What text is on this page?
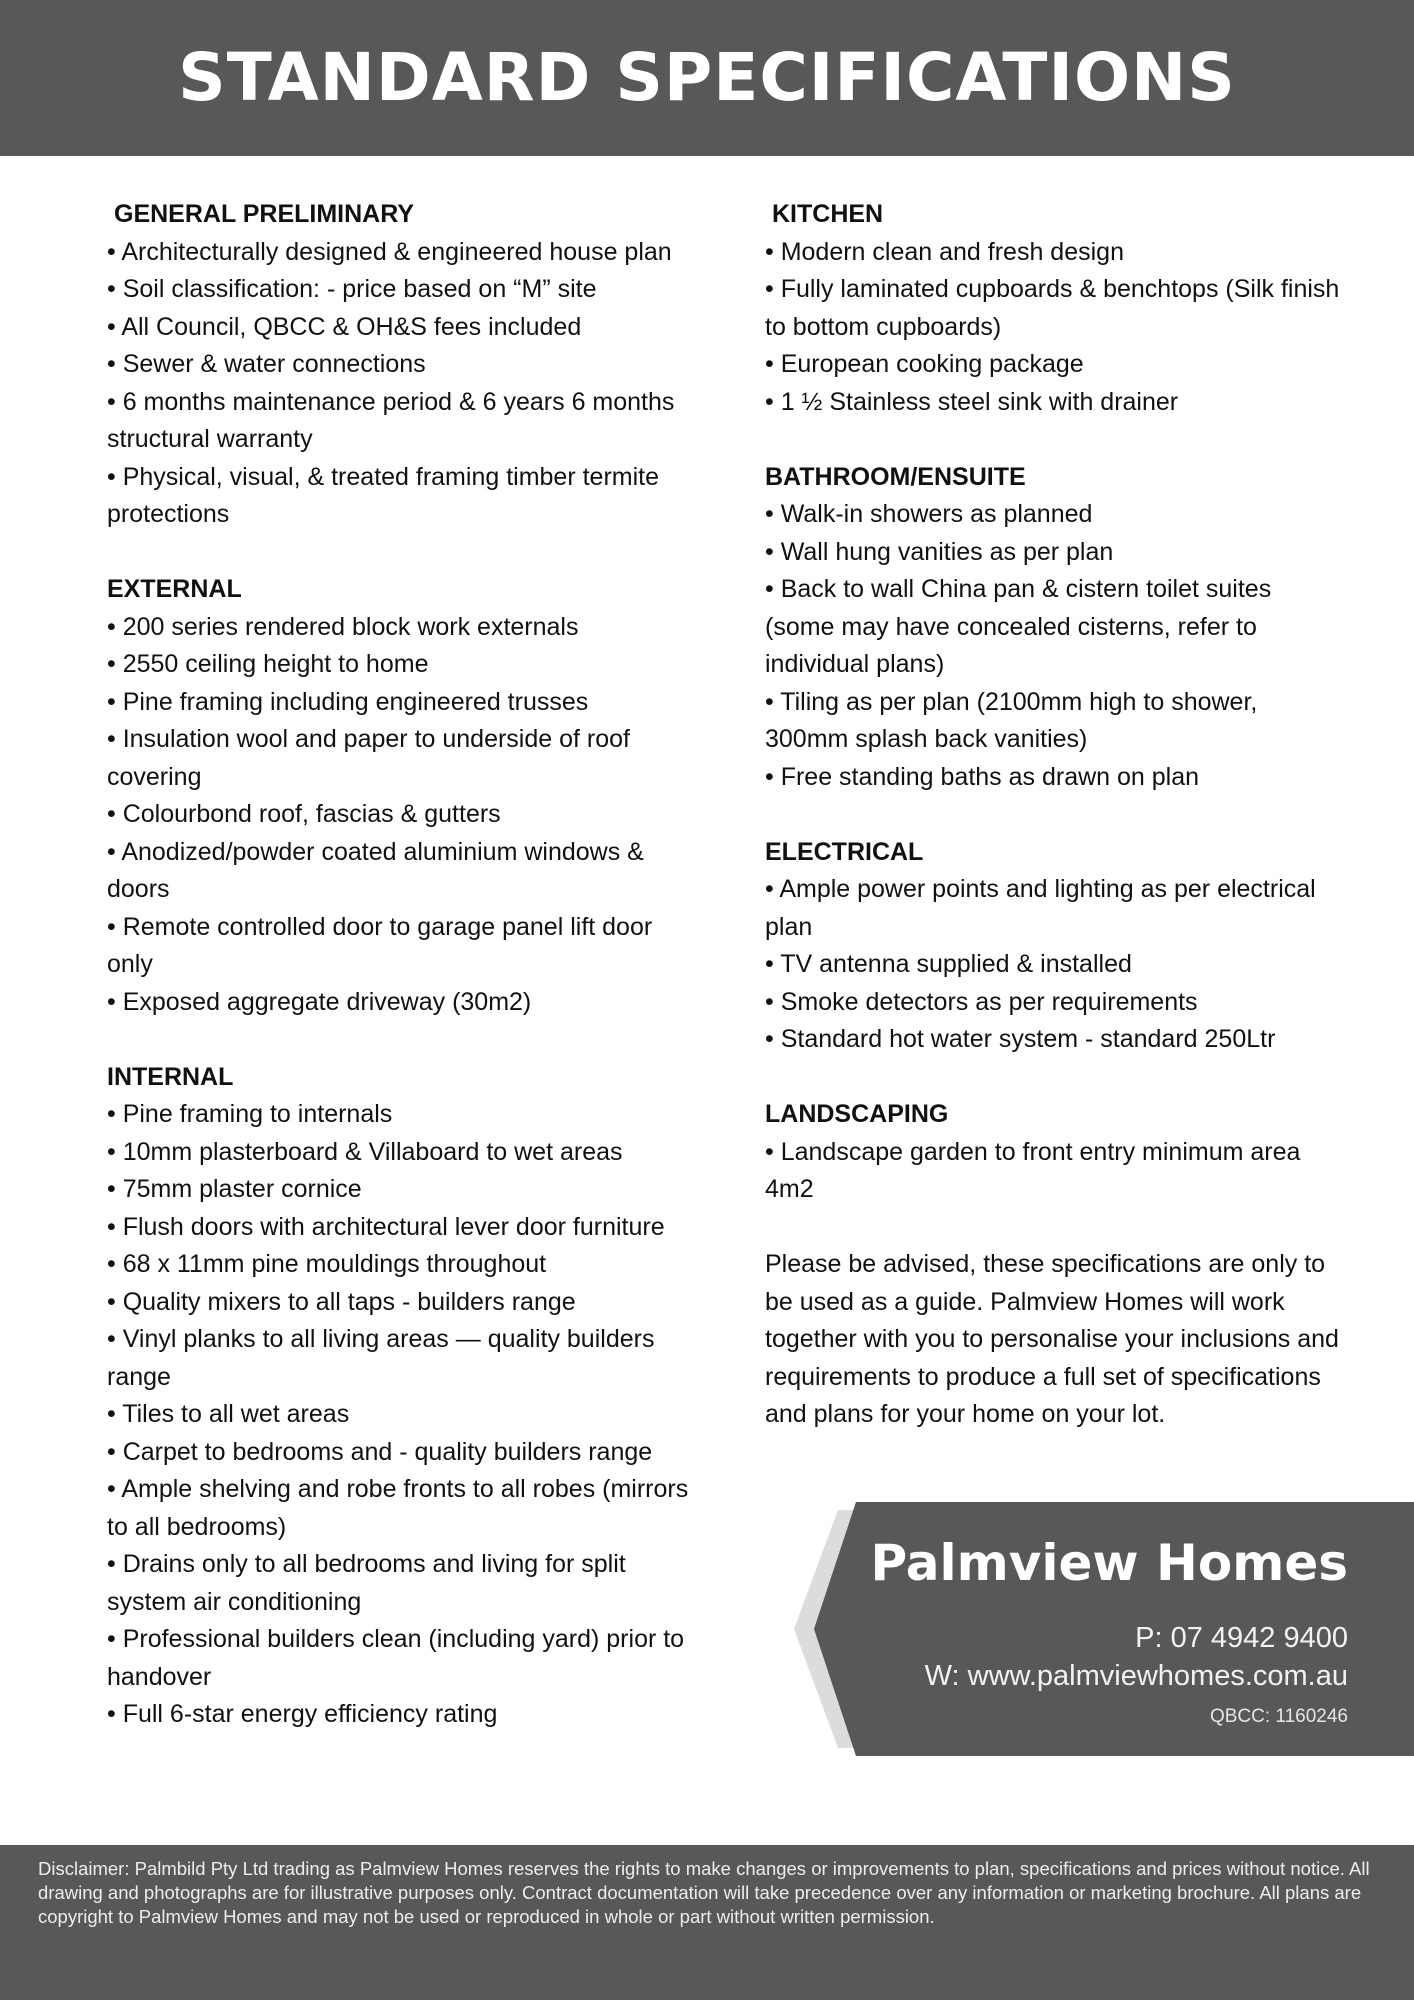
STANDARD SPECIFICATIONS
GENERAL PRELIMINARY
• Architecturally designed & engineered house plan
• Soil classification: - price based on “M” site
• All Council, QBCC & OH&S fees included
• Sewer & water connections
• 6 months maintenance period & 6 years 6 months structural warranty
• Physical, visual, & treated framing timber termite protections
EXTERNAL
• 200 series rendered block work externals
• 2550 ceiling height to home
• Pine framing including engineered trusses
• Insulation wool and paper to underside of roof covering
• Colourbond roof, fascias & gutters
• Anodized/powder coated aluminium windows & doors
• Remote controlled door to garage panel lift door only
• Exposed aggregate driveway (30m2)
INTERNAL
• Pine framing to internals
• 10mm plasterboard & Villaboard to wet areas
• 75mm plaster cornice
• Flush doors with architectural lever door furniture
• 68 x 11mm pine mouldings throughout
• Quality mixers to all taps - builders range
• Vinyl planks to all living areas — quality builders range
• Tiles to all wet areas
• Carpet to bedrooms and - quality builders range
• Ample shelving and robe fronts to all robes (mirrors to all bedrooms)
• Drains only to all bedrooms and living for split system air conditioning
• Professional builders clean (including yard) prior to handover
• Full 6-star energy efficiency rating
KITCHEN
• Modern clean and fresh design
• Fully laminated cupboards & benchtops (Silk finish to bottom cupboards)
• European cooking package
• 1 ½ Stainless steel sink with drainer
BATHROOM/ENSUITE
• Walk-in showers as planned
• Wall hung vanities as per plan
• Back to wall China pan & cistern toilet suites (some may have concealed cisterns, refer to individual plans)
• Tiling as per plan (2100mm high to shower, 300mm splash back vanities)
• Free standing baths as drawn on plan
ELECTRICAL
• Ample power points and lighting as per electrical plan
• TV antenna supplied & installed
• Smoke detectors as per requirements
• Standard hot water system - standard 250Ltr
LANDSCAPING
• Landscape garden to front entry minimum area 4m2
Please be advised, these specifications are only to be used as a guide. Palmview Homes will work together with you to personalise your inclusions and requirements to produce a full set of specifications and plans for your home on your lot.
Palmview Homes
P: 07 4942 9400
W: www.palmviewhomes.com.au
QBCC: 1160246

Disclaimer: Palmbild Pty Ltd trading as Palmview Homes reserves the rights to make changes or improvements to plan, specifications and prices without notice. All drawing and photographs are for illustrative purposes only. Contract documentation will take precedence over any information or marketing brochure. All plans are copyright to Palmview Homes and may not be used or reproduced in whole or part without written permission.
